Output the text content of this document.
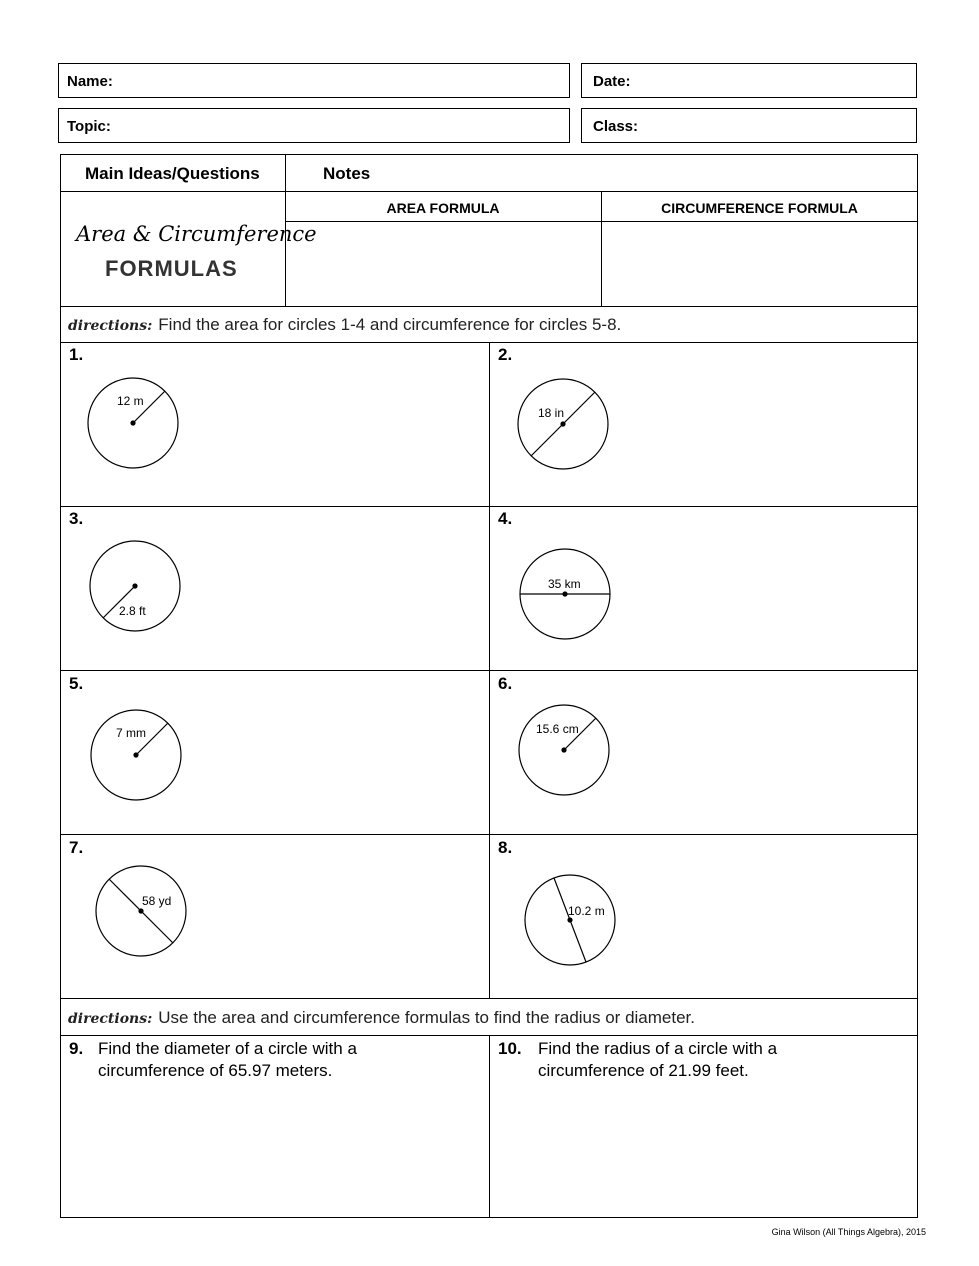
Name:	Date:
Topic:	Class:
Main Ideas/Questions	Notes
AREA FORMULA	CIRCUMFERENCE FORMULA
Area & Circumference
FORMULAS
directions: Find the area for circles 1-4 and circumference for circles 5-8.
1.	2.
3.	4.
5.	6.
7.	8.
12 m
18 in
2.8 ft
35 km
7 mm	15.6 cm
58 yd
10.2 m
directions: Use the area and circumference formulas to find the radius or diameter.
9. Find the diameter of a circle with a
circumference of 65.97 meters.
10. Find the radius of a circle with a
circumference of 21.99 feet.
Gina Wilson (All Things Algebra), 2015
